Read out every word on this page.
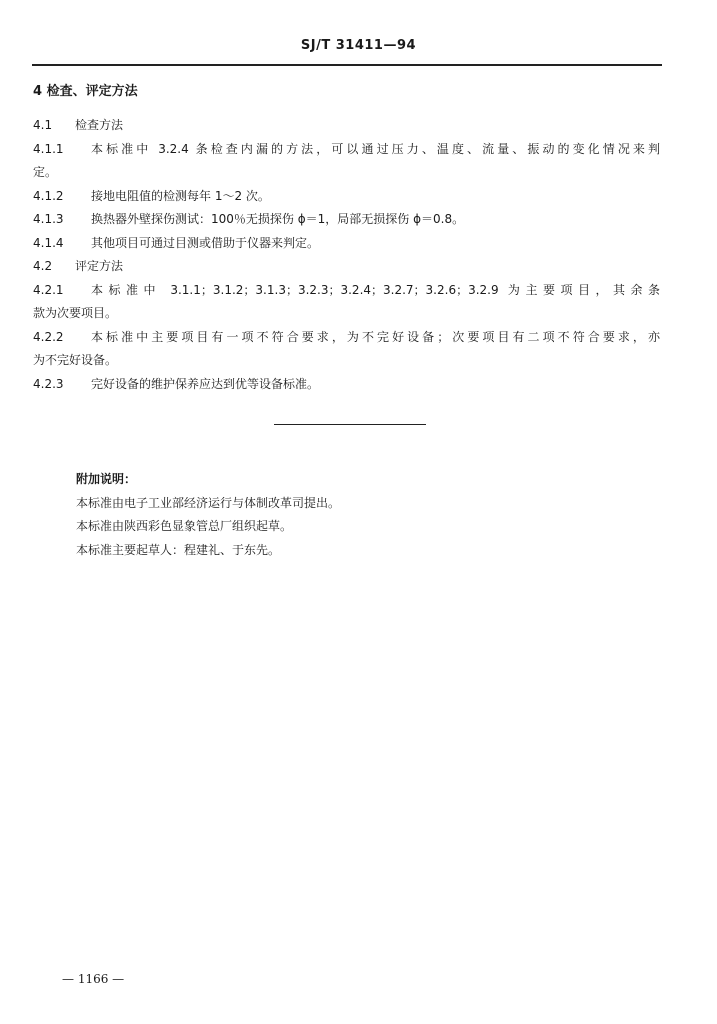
SJ/T 31411—94
4 检査、评定方法
4.1 检查方法
4.1.1	本标准中 3.2.4 条检查内漏的方法，可以通过压力、温度、流量、振动的变化情况来判
定。
4.1.2 接地电阻值的检测每年 1～2 次。
4.1.3 换热器外壁探伤测试：100％无损探伤 ϕ＝1，局部无损探伤 ϕ＝0.8。
4.1.4 其他项目可通过目测或借助于仪器来判定。
4.2 评定方法
4.2.1	本标准中 3.1.1；3.1.2；3.1.3；3.2.3；3.2.4；3.2.7；3.2.6；3.2.9 为主要项目，其余条
款为次要项目。
4.2.2	本标准中主要项目有一项不符合要求，为不完好设备；次要项目有二项不符合要求，亦
为不完好设备。
4.2.3 完好设备的维护保养应达到优等设备标准。
附加说明：
本标准由电子工业部经济运行与体制改革司提出。
本标准由陕西彩色显象管总厂组织起草。
本标准主要起草人：程建礼、于东先。
— 1166 —
